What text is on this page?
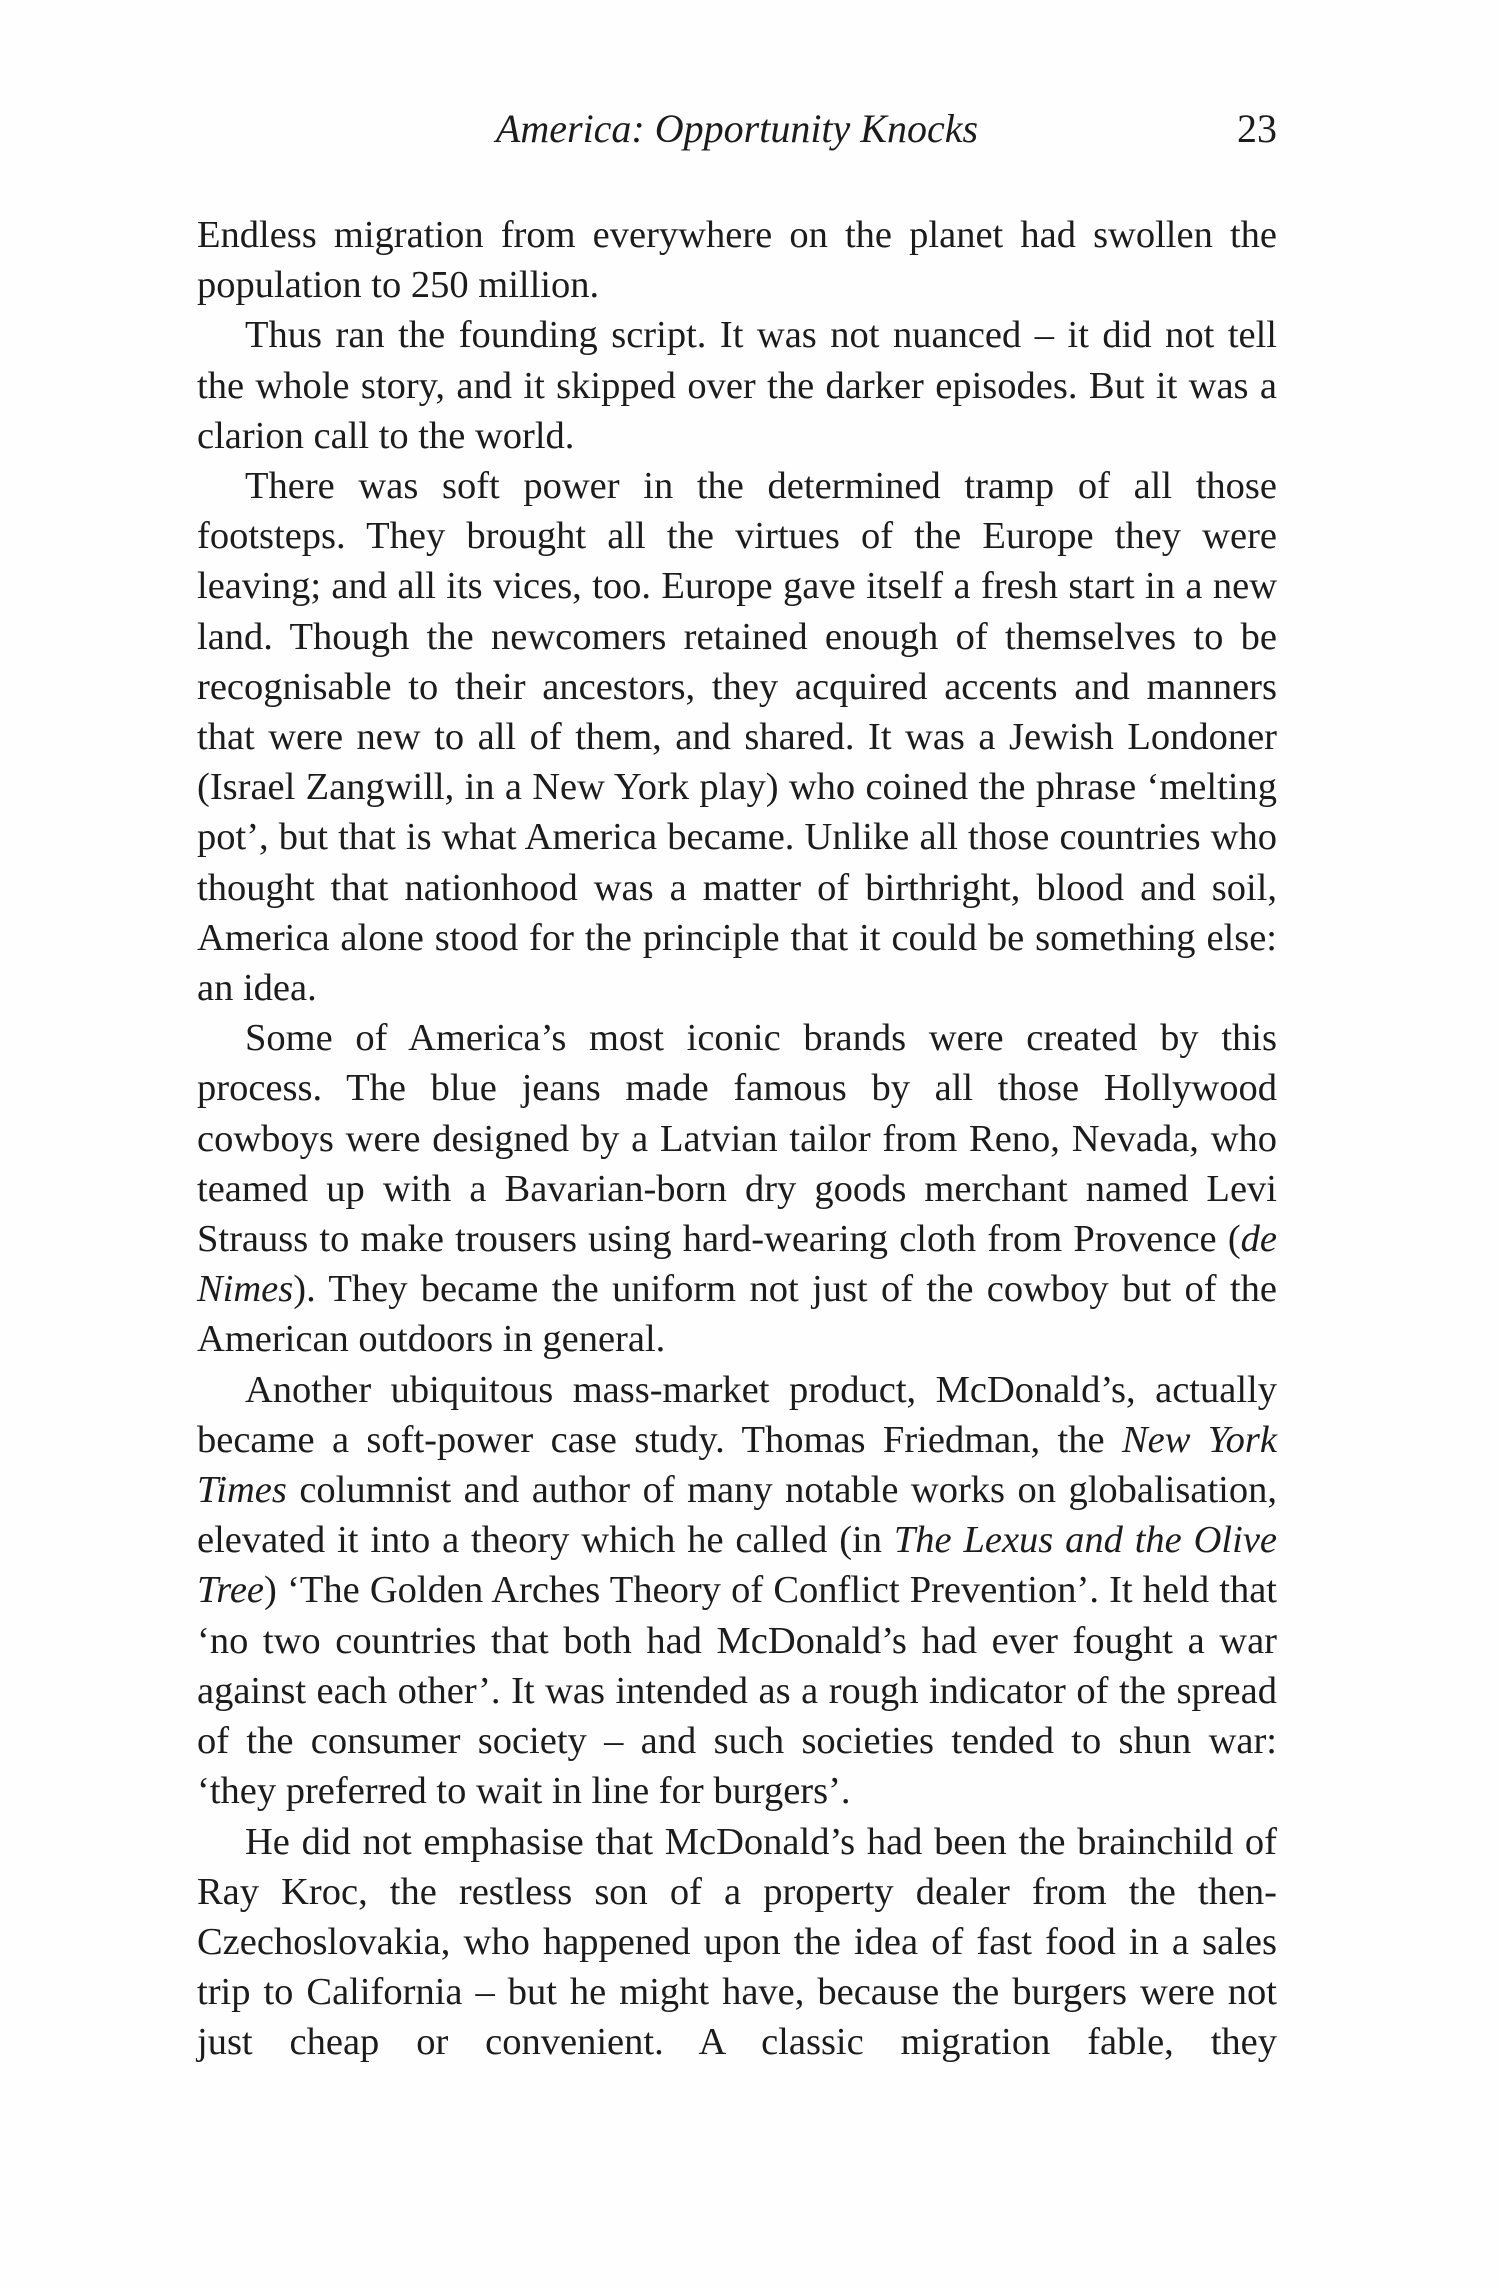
America: Opportunity Knocks	23

Endless migration from everywhere on the planet had swollen the population to 250 million.

Thus ran the founding script. It was not nuanced – it did not tell the whole story, and it skipped over the darker episodes. But it was a clarion call to the world.

There was soft power in the determined tramp of all those footsteps. They brought all the virtues of the Europe they were leaving; and all its vices, too. Europe gave itself a fresh start in a new land. Though the newcomers retained enough of themselves to be recognisable to their ancestors, they acquired accents and manners that were new to all of them, and shared. It was a Jewish Londoner (Israel Zangwill, in a New York play) who coined the phrase ‘melting pot’, but that is what America became. Unlike all those countries who thought that nationhood was a matter of birthright, blood and soil, America alone stood for the principle that it could be something else: an idea.

Some of America’s most iconic brands were created by this process. The blue jeans made famous by all those Hollywood cowboys were designed by a Latvian tailor from Reno, Nevada, who teamed up with a Bavarian-born dry goods merchant named Levi Strauss to make trousers using hard-wearing cloth from Provence (de Nimes). They became the uniform not just of the cowboy but of the American outdoors in general.

Another ubiquitous mass-market product, McDonald’s, actually became a soft-power case study. Thomas Friedman, the New York Times columnist and author of many notable works on globalisation, elevated it into a theory which he called (in The Lexus and the Olive Tree) ‘The Golden Arches Theory of Conflict Prevention’. It held that ‘no two countries that both had McDonald’s had ever fought a war against each other’. It was intended as a rough indicator of the spread of the consumer society – and such societies tended to shun war: ‘they preferred to wait in line for burgers’.

He did not emphasise that McDonald’s had been the brainchild of Ray Kroc, the restless son of a property dealer from the then-Czechoslovakia, who happened upon the idea of fast food in a sales trip to California – but he might have, because the burgers were not just cheap or convenient. A classic migration fable, they
